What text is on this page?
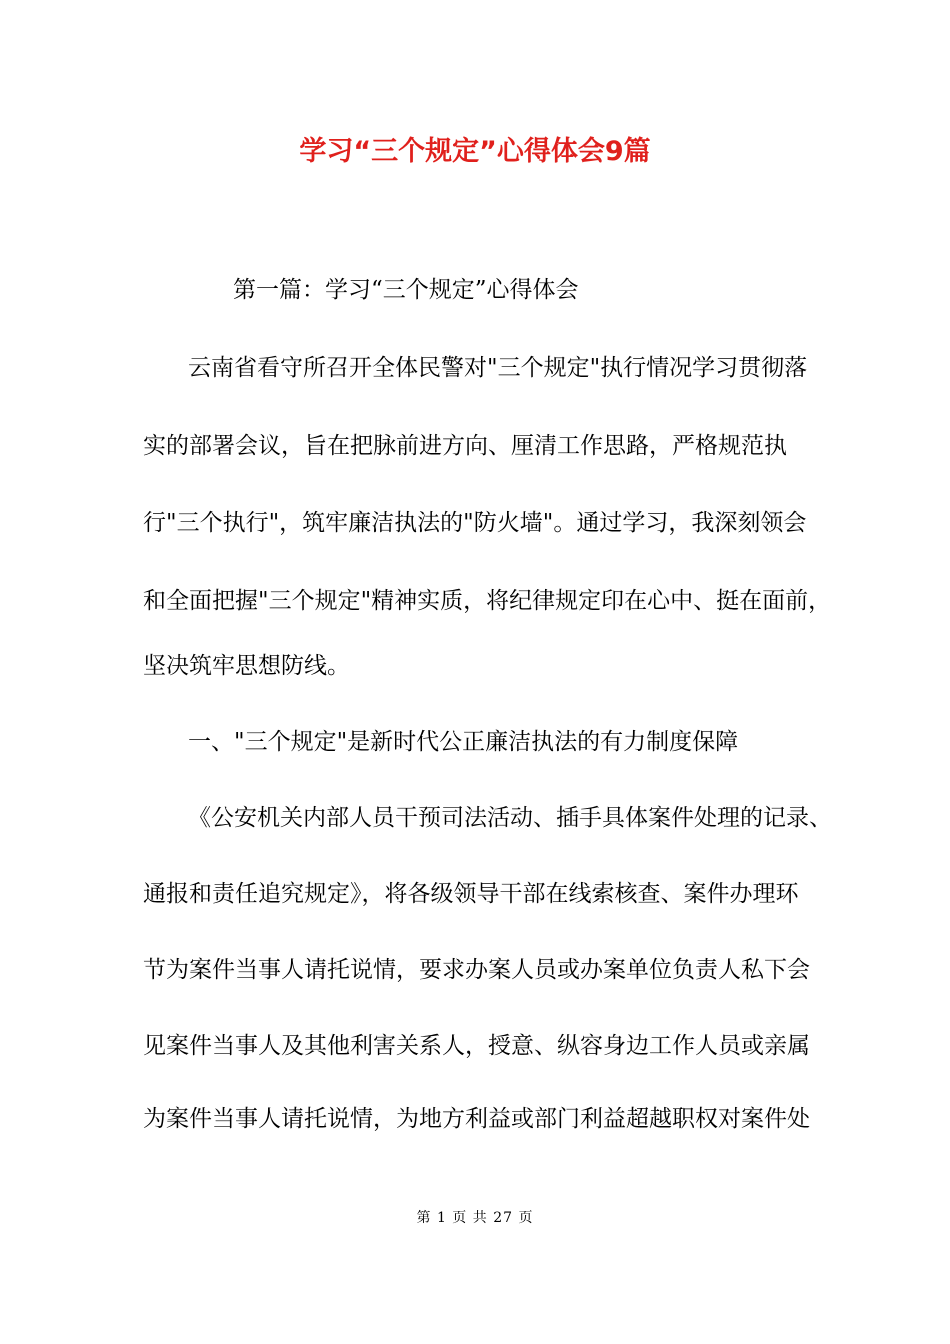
学习“三个规定”心得体会9篇

第一篇：学习“三个规定”心得体会

云南省看守所召开全体民警对"三个规定"执行情况学习贯彻落

实的部署会议，旨在把脉前进方向、厘清工作思路，严格规范执

行"三个执行"，筑牢廉洁执法的"防火墙"。通过学习，我深刻领会

和全面把握"三个规定"精神实质，将纪律规定印在心中、挺在面前，

坚决筑牢思想防线。

一、"三个规定"是新时代公正廉洁执法的有力制度保障

《公安机关内部人员干预司法活动、插手具体案件处理的记录、

通报和责任追究规定》，将各级领导干部在线索核查、案件办理环

节为案件当事人请托说情，要求办案人员或办案单位负责人私下会

见案件当事人及其他利害关系人，授意、纵容身边工作人员或亲属

为案件当事人请托说情，为地方利益或部门利益超越职权对案件处

第 1 页 共 27 页
